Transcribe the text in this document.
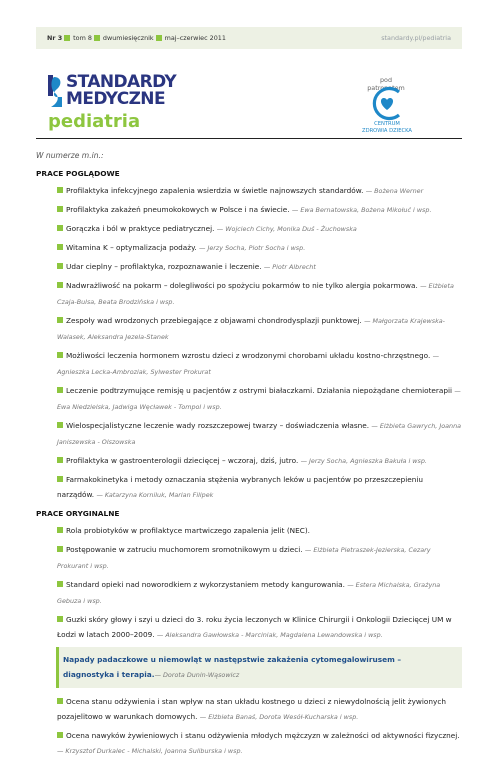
Nr 3 tom 8 dwumiesięcznik maj–czerwiec 2011	standardy.pl/pediatria
STANDARDY
MEDYCZNE
pediatria
pod patronatem
CENTRUM
ZDROWIA DZIECKA
W numerze m.in.:
PRACE POGLĄDOWE
Profilaktyka infekcyjnego zapalenia wsierdzia w świetle najnowszych standardów. — Bożena Werner
Profilaktyka zakażeń pneumokokowych w Polsce i na świecie. — Ewa Bernatowska, Bożena Mikołuć i wsp.
Gorączka i ból w praktyce pediatrycznej. — Wojciech Cichy, Monika Duś - Żuchowska
Witamina K – optymalizacja podaży. — Jerzy Socha, Piotr Socha i wsp.
Udar cieplny – profilaktyka, rozpoznawanie i leczenie. — Piotr Albrecht
Nadwrażliwość na pokarm – dolegliwości po spożyciu pokarmów to nie tylko alergia pokarmowa. — Elżbieta Czaja-Bulsa, Beata Brodzińska i wsp.
Zespoły wad wrodzonych przebiegające z objawami chondrodysplazji punktowej. — Małgorzata Krajewska-Walasek, Aleksandra Jezela-Stanek
Możliwości leczenia hormonem wzrostu dzieci z wrodzonymi chorobami układu kostno-chrzęstnego. — Agnieszka Lecka-Ambroziak, Sylwester Prokurat
Leczenie podtrzymujące remisję u pacjentów z ostrymi białaczkami. Działania niepożądane chemioterapii — Ewa Niedzielska, Jadwiga Węcławek - Tompol i wsp.
Wielospecjalistyczne leczenie wady rozszczepowej twarzy – doświadczenia własne. — Elżbieta Gawrych, Joanna Janiszewska - Olszowska
Profilaktyka w gastroenterologii dziecięcej – wczoraj, dziś, jutro. — Jerzy Socha, Agnieszka Bakuła i wsp.
Farmakokinetyka i metody oznaczania stężenia wybranych leków u pacjentów po przeszczepieniu narządów. — Katarzyna Korniluk, Marian Filipek
PRACE ORYGINALNE
Rola probiotyków w profilaktyce martwiczego zapalenia jelit (NEC).
Postępowanie w zatruciu muchomorem sromotnikowym u dzieci. — Elżbieta Pietraszek-Jezierska, Cezary Prokurant i wsp.
Standard opieki nad noworodkiem z wykorzystaniem metody kangurowania. — Estera Michalska, Grażyna Gebuza i wsp.
Guzki skóry głowy i szyi u dzieci do 3. roku życia leczonych w Klinice Chirurgii i Onkologii Dziecięcej UM w Łodzi w latach 2000–2009. — Aleksandra Gawłowska - Marciniak, Magdalena Lewandowska i wsp.
Napady padaczkowe u niemowląt w następstwie zakażenia cytomegalowirusem – diagnostyka i terapia.— Dorota Dunin-Wąsowicz
Ocena stanu odżywienia i stan wpływ na stan układu kostnego u dzieci z niewydolnością jelit żywionych pozajelitowo w warunkach domowych. — Elżbieta Banaś, Dorota Wesół-Kucharska i wsp.
Ocena nawyków żywieniowych i stanu odżywienia młodych mężczyzn w zależności od aktywności fizycznej. — Krzysztof Durkalec - Michalski, Joanna Suliburska i wsp.
